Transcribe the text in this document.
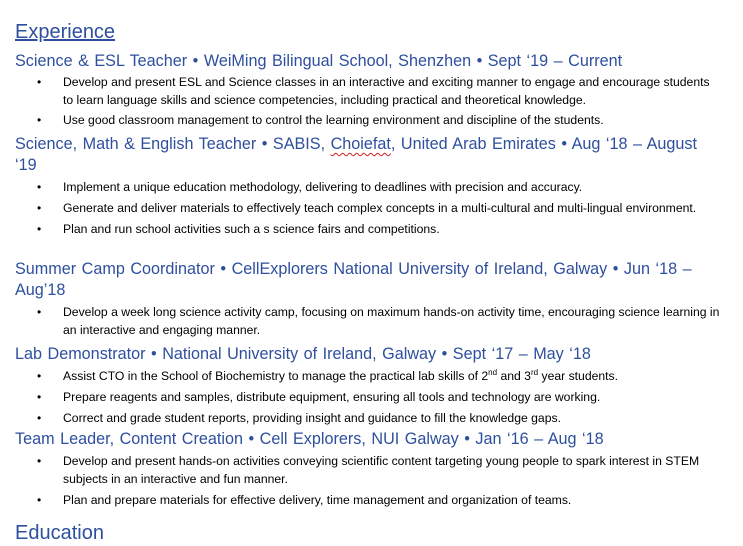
Experience
Science & ESL Teacher • WeiMing Bilingual School, Shenzhen • Sept ‘19 – Current
• Develop and present ESL and Science classes in an interactive and exciting manner to engage and encourage students to learn language skills and science competencies, including practical and theoretical knowledge.
• Use good classroom management to control the learning environment and discipline of the students.
Science, Math & English Teacher • SABIS, Choiefat, United Arab Emirates • Aug ‘18 – August ‘19
• Implement a unique education methodology, delivering to deadlines with precision and accuracy.
• Generate and deliver materials to effectively teach complex concepts in a multi-cultural and multi-lingual environment.
• Plan and run school activities such a s science fairs and competitions.
Summer Camp Coordinator • CellExplorers National University of Ireland, Galway • Jun ‘18 – Aug’18
• Develop a week long science activity camp, focusing on maximum hands-on activity time, encouraging science learning in an interactive and engaging manner.
Lab Demonstrator • National University of Ireland, Galway • Sept ‘17 – May ‘18
• Assist CTO in the School of Biochemistry to manage the practical lab skills of 2nd and 3rd year students.
• Prepare reagents and samples, distribute equipment, ensuring all tools and technology are working.
• Correct and grade student reports, providing insight and guidance to fill the knowledge gaps.
Team Leader, Content Creation • Cell Explorers, NUI Galway • Jan ‘16 – Aug ‘18
• Develop and present hands-on activities conveying scientific content targeting young people to spark interest in STEM subjects in an interactive and fun manner.
• Plan and prepare materials for effective delivery, time management and organization of teams.
Education
